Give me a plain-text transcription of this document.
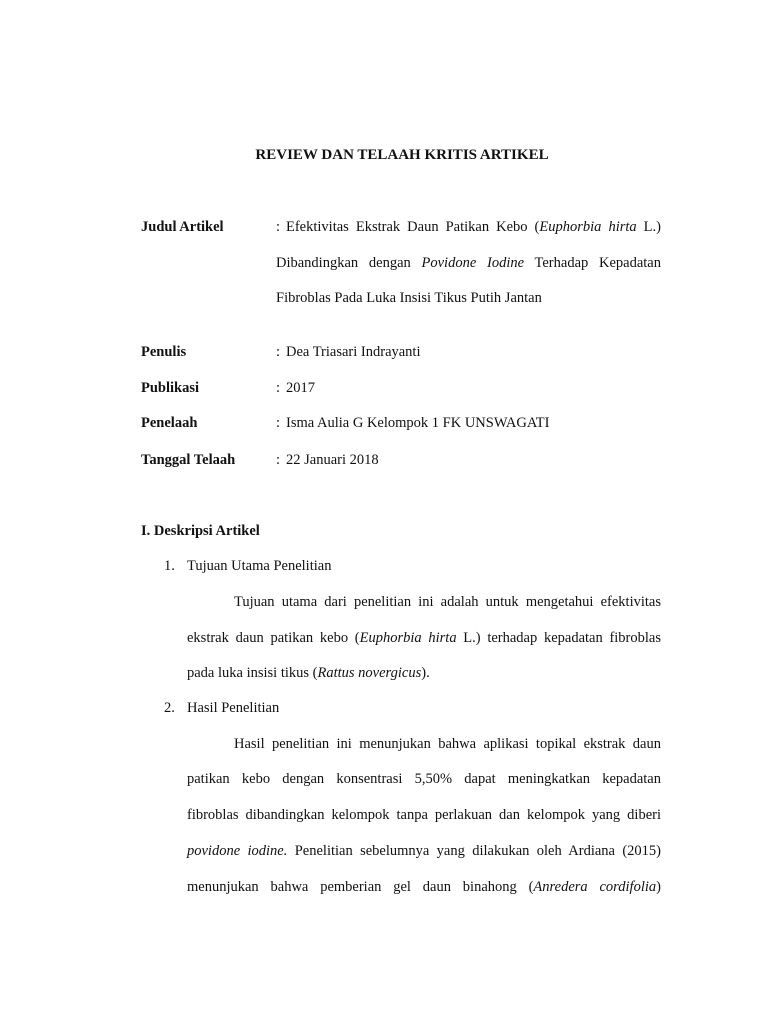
REVIEW DAN TELAAH KRITIS ARTIKEL
Judul Artikel	: Efektivitas Ekstrak Daun Patikan Kebo (Euphorbia hirta L.)
Dibandingkan dengan Povidone Iodine Terhadap Kepadatan
Fibroblas Pada Luka Insisi Tikus Putih Jantan
Penulis	: Dea Triasari Indrayanti
Publikasi	: 2017
Penelaah	: Isma Aulia G Kelompok 1 FK UNSWAGATI
Tanggal Telaah	: 22 Januari 2018
I. Deskripsi Artikel
1. Tujuan Utama Penelitian
Tujuan utama dari penelitian ini adalah untuk mengetahui efektivitas
ekstrak daun patikan kebo (Euphorbia hirta L.) terhadap kepadatan fibroblas
pada luka insisi tikus (Rattus novergicus).
2. Hasil Penelitian
Hasil penelitian ini menunjukan bahwa aplikasi topikal ekstrak daun
patikan kebo dengan konsentrasi 5,50% dapat meningkatkan kepadatan
fibroblas dibandingkan kelompok tanpa perlakuan dan kelompok yang diberi
povidone iodine. Penelitian sebelumnya yang dilakukan oleh Ardiana (2015)
menunjukan bahwa pemberian gel daun binahong (Anredera cordifolia)
